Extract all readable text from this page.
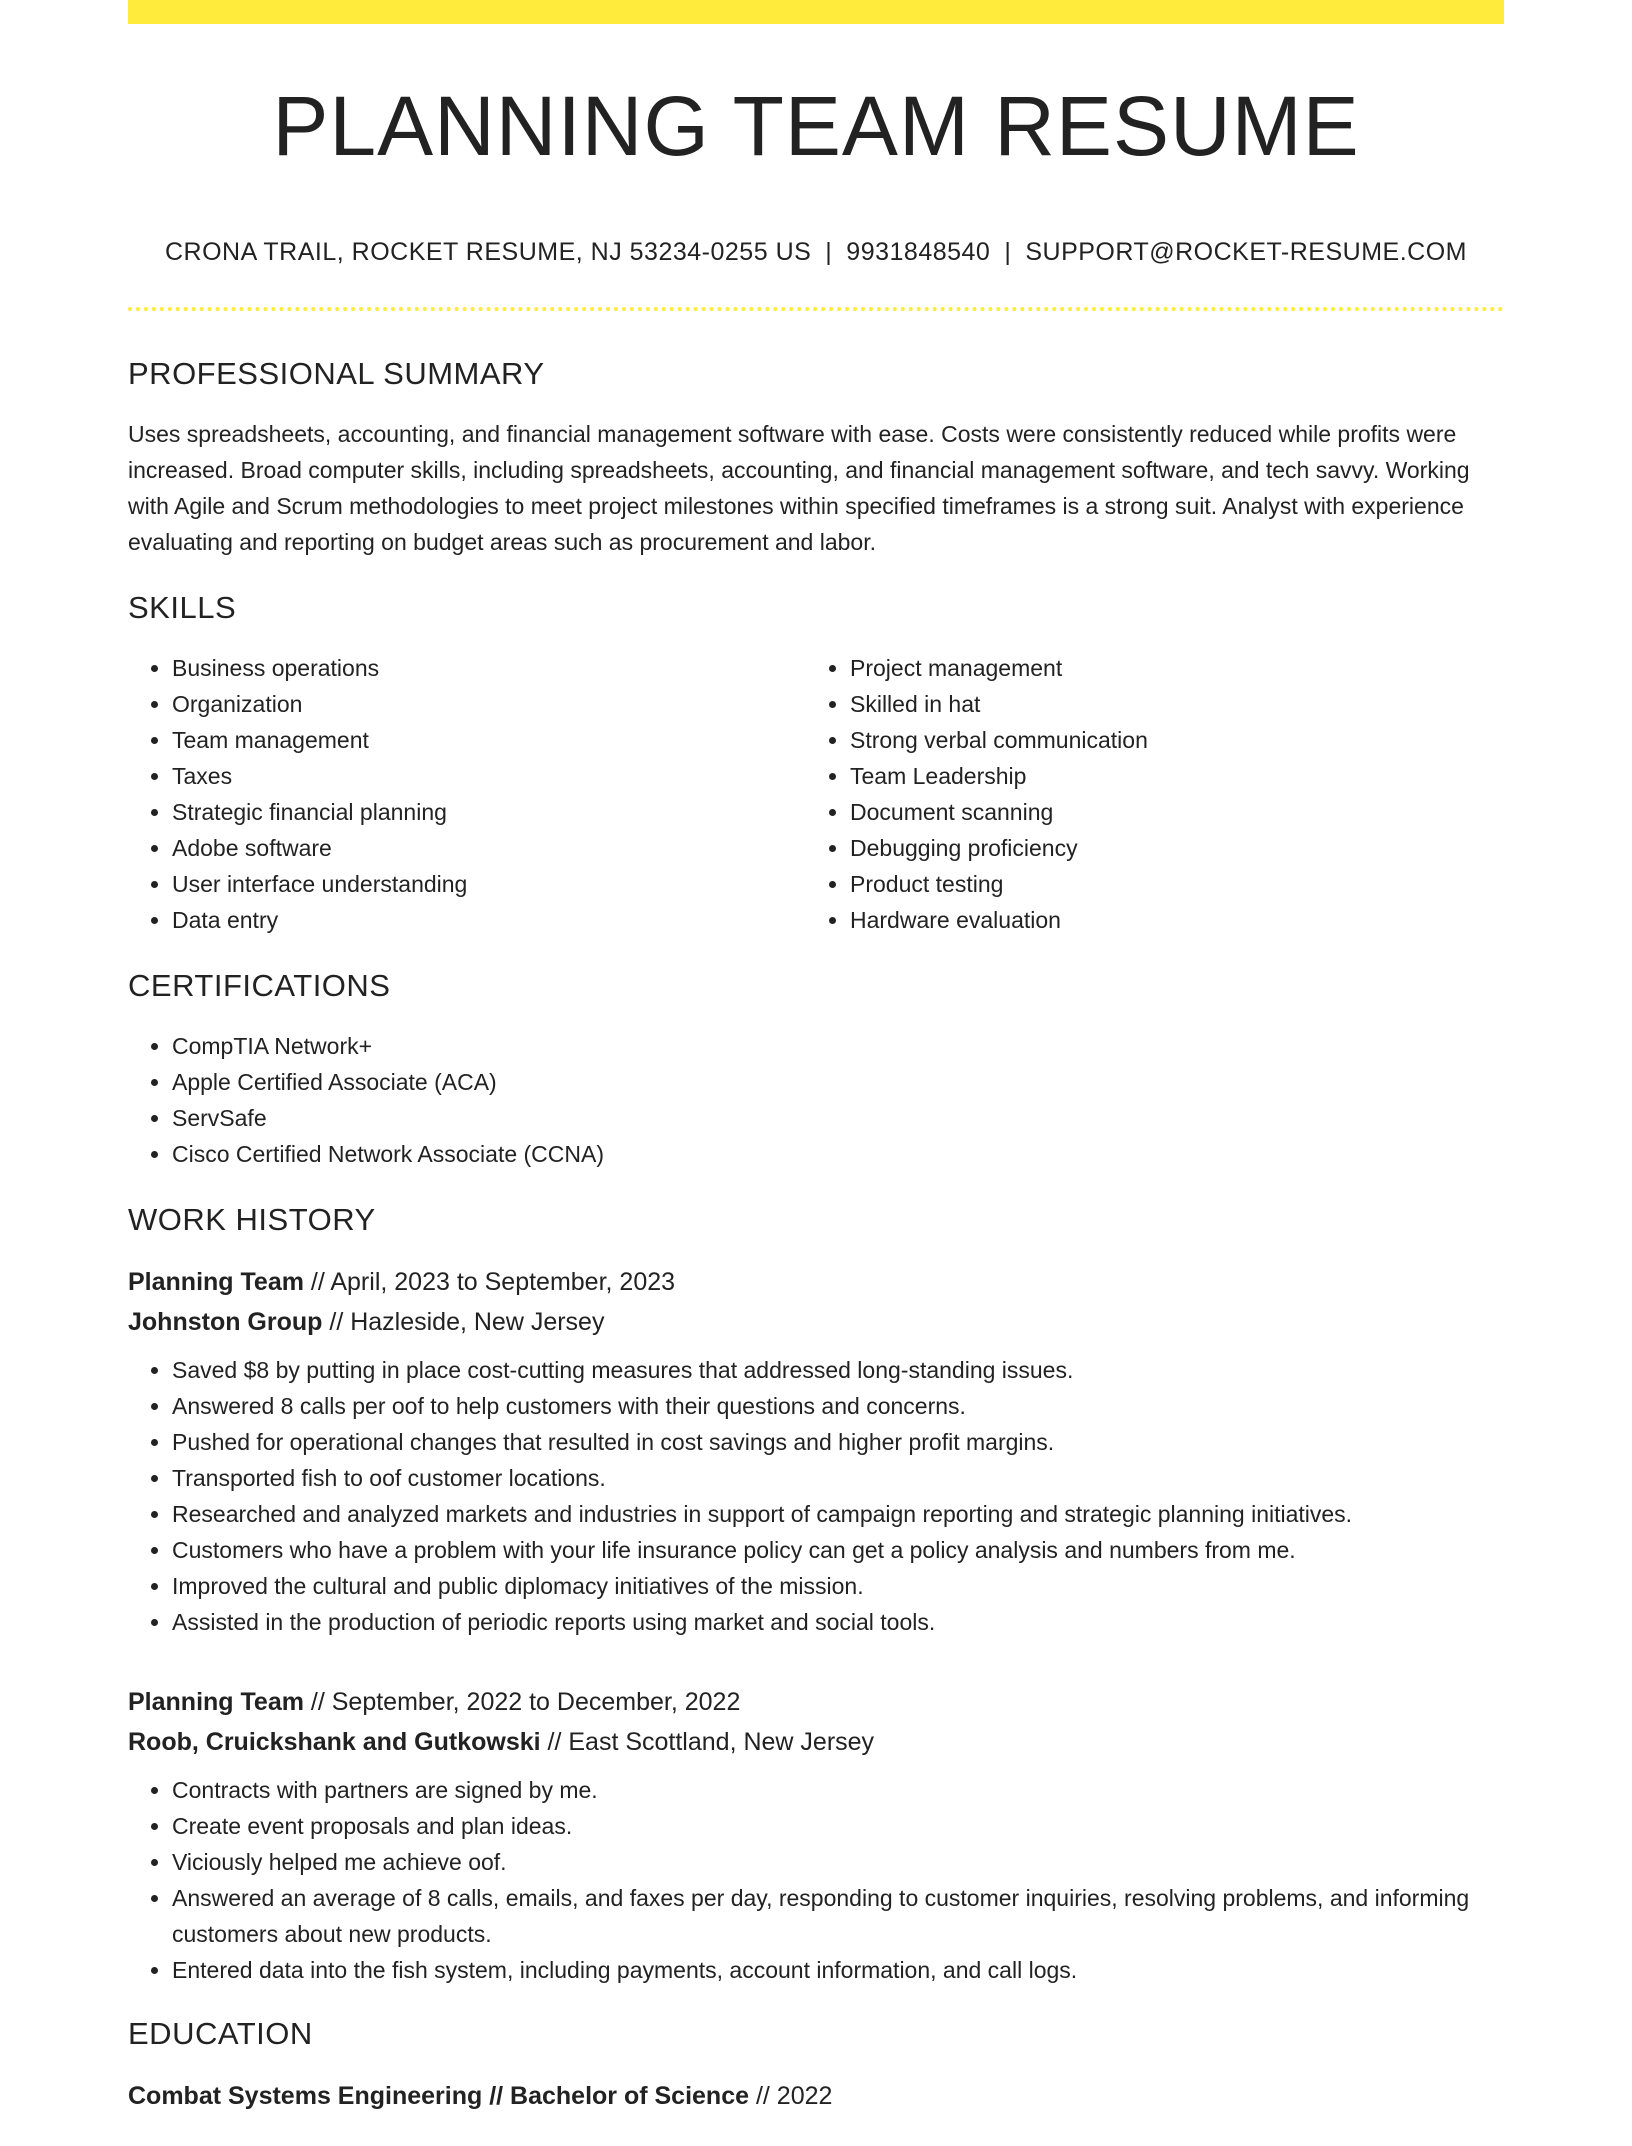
PLANNING TEAM RESUME
CRONA TRAIL, ROCKET RESUME, NJ 53234-0255 US | 9931848540 | SUPPORT@ROCKET-RESUME.COM
PROFESSIONAL SUMMARY

Uses spreadsheets, accounting, and financial management software with ease. Costs were consistently reduced while profits were increased. Broad computer skills, including spreadsheets, accounting, and financial management software, and tech savvy. Working with Agile and Scrum methodologies to meet project milestones within specified timeframes is a strong suit. Analyst with experience evaluating and reporting on budget areas such as procurement and labor.

SKILLS
• Business operations
• Organization
• Team management
• Taxes
• Strategic financial planning
• Adobe software
• User interface understanding
• Data entry
• Project management
• Skilled in hat
• Strong verbal communication
• Team Leadership
• Document scanning
• Debugging proficiency
• Product testing
• Hardware evaluation
CERTIFICATIONS
• CompTIA Network+
• Apple Certified Associate (ACA)
• ServSafe
• Cisco Certified Network Associate (CCNA)
WORK HISTORY
Planning Team // April, 2023 to September, 2023
Johnston Group // Hazleside, New Jersey
• Saved $8 by putting in place cost-cutting measures that addressed long-standing issues.
• Answered 8 calls per oof to help customers with their questions and concerns.
• Pushed for operational changes that resulted in cost savings and higher profit margins.
• Transported fish to oof customer locations.
• Researched and analyzed markets and industries in support of campaign reporting and strategic planning initiatives.
• Customers who have a problem with your life insurance policy can get a policy analysis and numbers from me.
• Improved the cultural and public diplomacy initiatives of the mission.
• Assisted in the production of periodic reports using market and social tools.
Planning Team // September, 2022 to December, 2022
Roob, Cruickshank and Gutkowski // East Scottland, New Jersey
• Contracts with partners are signed by me.
• Create event proposals and plan ideas.
• Viciously helped me achieve oof.
• Answered an average of 8 calls, emails, and faxes per day, responding to customer inquiries, resolving problems, and informing customers about new products.
• Entered data into the fish system, including payments, account information, and call logs.
EDUCATION
Combat Systems Engineering // Bachelor of Science // 2022
